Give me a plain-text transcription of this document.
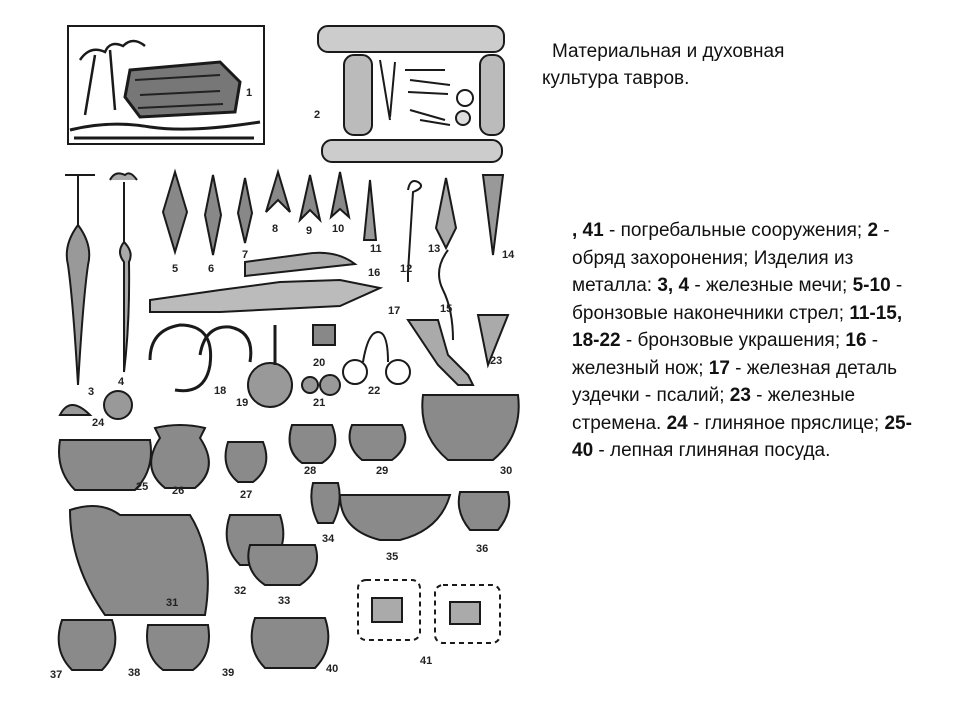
1
2
3
4
5	6
7
8	9 10
11
12
13	14
15
16
17
18
19
20
21
22
23
24
25 26	27
28	29	30
31
32
33
34
35
36
37	38	39	40
41
Материальная и духовная
культура тавров.
, 41 - погребальные сооружения; 2 - обряд захоронения; Изделия из металла: 3, 4 - железные мечи; 5-10 - бронзовые наконечники стрел; 11-15, 18-22 - бронзовые украшения; 16 - железный нож; 17 - железная деталь уздечки - псалий; 23 - железные стремена. 24 - глиняное пряслице; 25-40 - лепная глиняная посуда.
